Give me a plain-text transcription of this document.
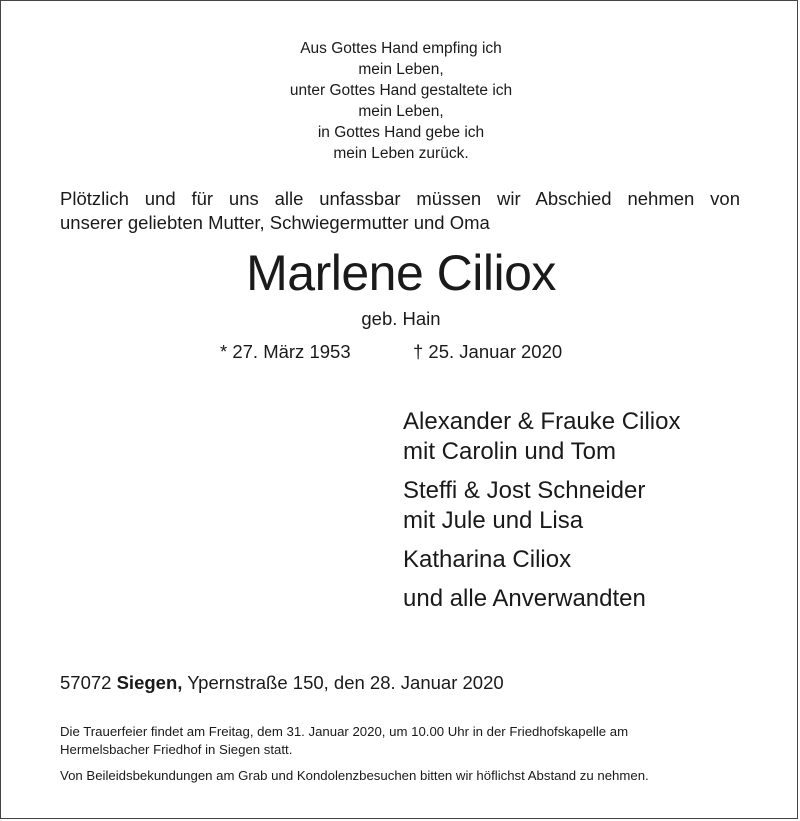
Aus Gottes Hand empfing ich
mein Leben,
unter Gottes Hand gestaltete ich
mein Leben,
in Gottes Hand gebe ich
mein Leben zurück.
Plötzlich und für uns alle unfassbar müssen wir Abschied nehmen von
unserer geliebten Mutter, Schwiegermutter und Oma
Marlene Ciliox
geb. Hain
* 27. März 1953	† 25. Januar 2020
Alexander & Frauke Ciliox
mit Carolin und Tom
Steffi & Jost Schneider
mit Jule und Lisa
Katharina Ciliox
und alle Anverwandten
57072 Siegen, Ypernstraße 150, den 28. Januar 2020
Die Trauerfeier findet am Freitag, dem 31. Januar 2020, um 10.00 Uhr in der Friedhofskapelle am
Hermelsbacher Friedhof in Siegen statt.
Von Beileidsbekundungen am Grab und Kondolenzbesuchen bitten wir höflichst Abstand zu nehmen.
